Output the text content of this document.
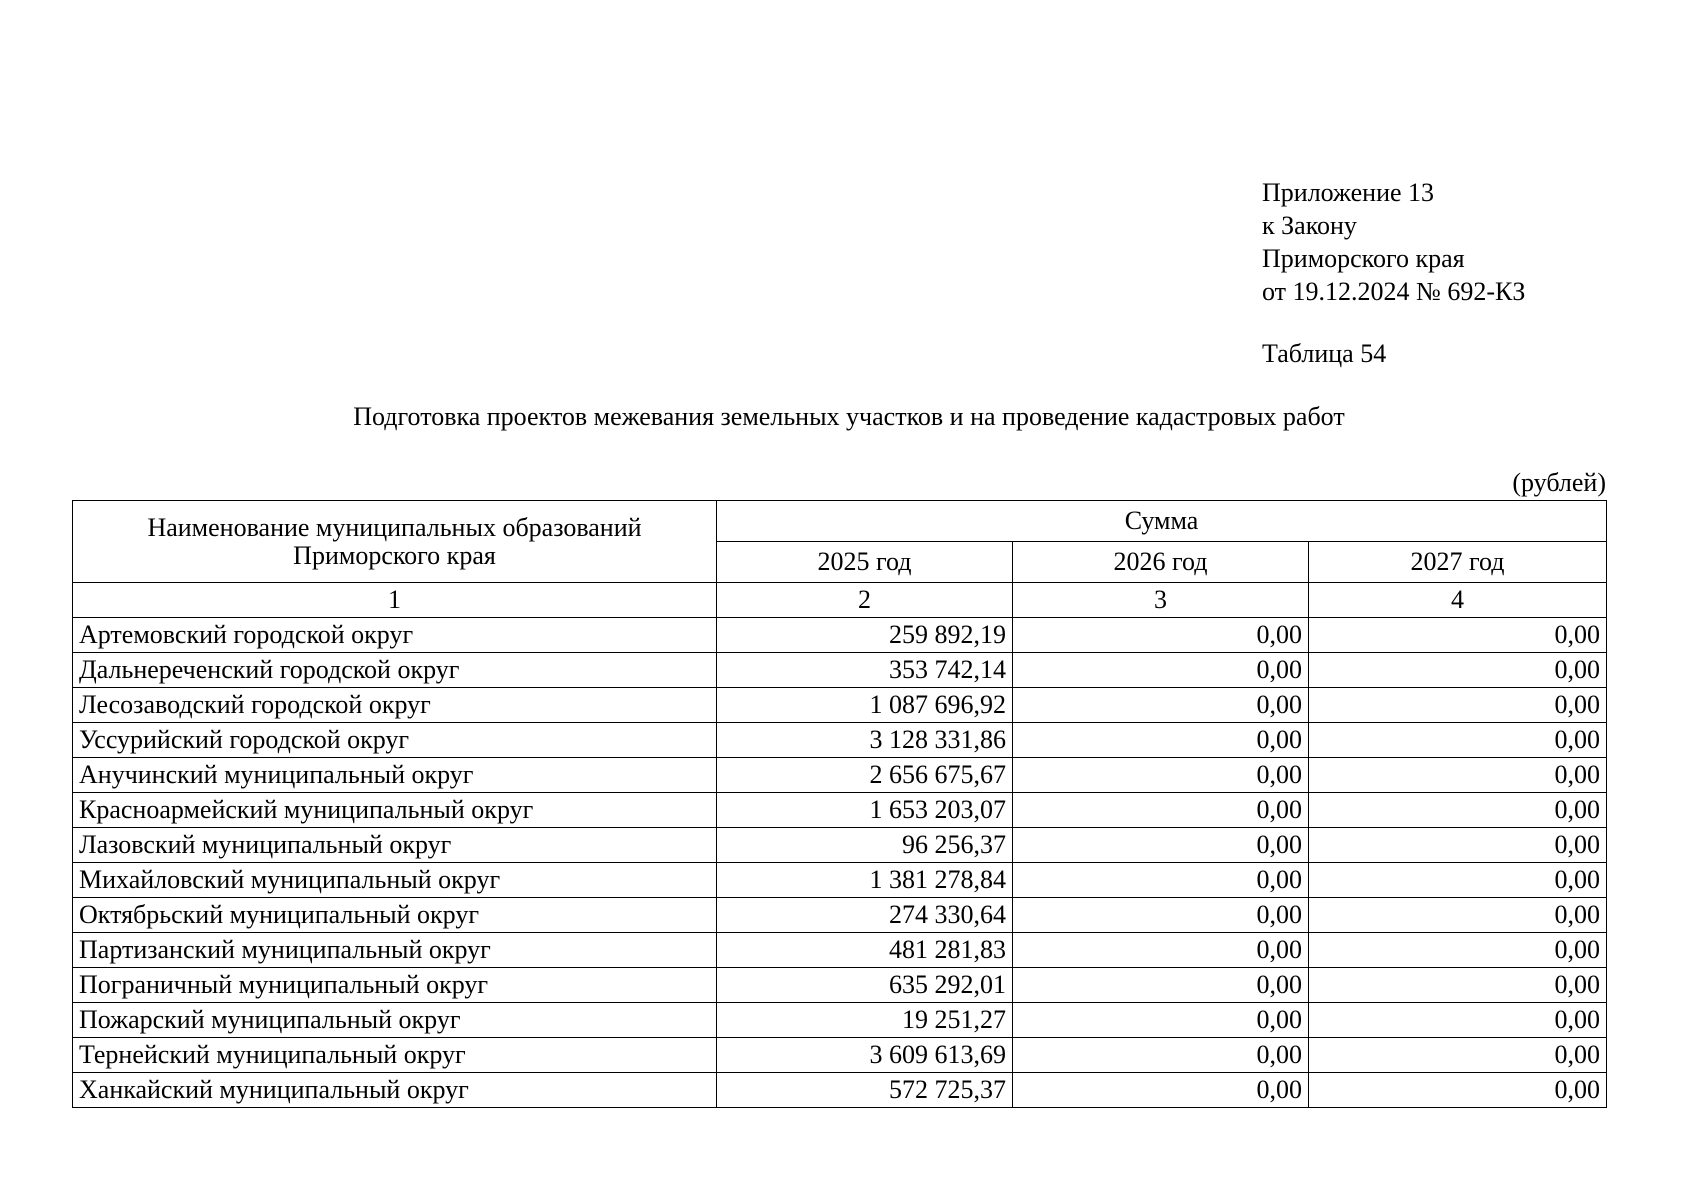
Приложение 13
к Закону
Приморского края
от 19.12.2024 № 692-КЗ
Таблица 54
Подготовка проектов межевания земельных участков и на проведение кадастровых работ
(рублей)
Наименование муниципальных образований
Приморского края	Сумма		
	2025 год	2026 год	2027 год
1	2	3	4
Артемовский городской округ	259 892,19	0,00	0,00
Дальнереченский городской округ	353 742,14	0,00	0,00
Лесозаводский городской округ	1 087 696,92	0,00	0,00
Уссурийский городской округ	3 128 331,86	0,00	0,00
Анучинский муниципальный округ	2 656 675,67	0,00	0,00
Красноармейский муниципальный округ	1 653 203,07	0,00	0,00
Лазовский муниципальный округ	96 256,37	0,00	0,00
Михайловский муниципальный округ	1 381 278,84	0,00	0,00
Октябрьский муниципальный округ	274 330,64	0,00	0,00
Партизанский муниципальный округ	481 281,83	0,00	0,00
Пограничный муниципальный округ	635 292,01	0,00	0,00
Пожарский муниципальный округ	19 251,27	0,00	0,00
Тернейский муниципальный округ	3 609 613,69	0,00	0,00
Ханкайский муниципальный округ	572 725,37	0,00	0,00
